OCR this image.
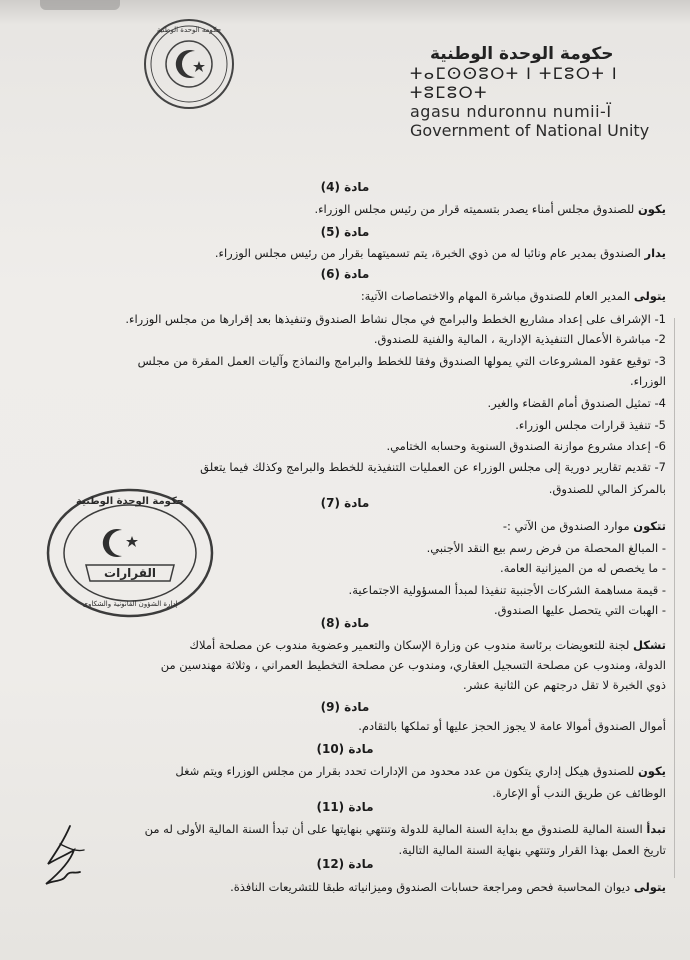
حكومة الوحدة الوطنية
حكومة الوحدة الوطنية
ⵜⴰⵎⵙⵙⵓⵔⵜ ⵏ ⵜⵎⵓⵔⵜ ⵏ ⵜⵓⵎⵓⵔⵜ
agasu nduronnu numii-Ï
Government of National Unity
مادة (4)
يكون للصندوق مجلس أمناء يصدر بتسميته قرار من رئيس مجلس الوزراء.
مادة (5)
يدار الصندوق بمدير عام ونائبا له من ذوي الخبرة، يتم تسميتهما بقرار من رئيس مجلس الوزراء.
مادة (6)
يتولى المدير العام للصندوق مباشرة المهام والاختصاصات الآتية:
1- الإشراف على إعداد مشاريع الخطط والبرامج في مجال نشاط الصندوق وتنفيذها بعد إقرارها من مجلس الوزراء.
2- مباشرة الأعمال التنفيذية الإدارية ، المالية والفنية للصندوق.
3- توقيع عقود المشروعات التي يمولها الصندوق وفقا للخطط والبرامج والنماذج وآليات العمل المقرة من مجلس
الوزراء.
4- تمثيل الصندوق أمام القضاء والغير.
5- تنفيذ قرارات مجلس الوزراء.
6- إعداد مشروع موازنة الصندوق السنوية وحسابه الختامي.
7- تقديم تقارير دورية إلى مجلس الوزراء عن العمليات التنفيذية للخطط والبرامج وكذلك فيما يتعلق
بالمركز المالي للصندوق.
مادة (7)
تتكون موارد الصندوق من الآتي :-
- المبالغ المحصلة من فرض رسم بيع النقد الأجنبي.
- ما يخصص له من الميزانية العامة.
- قيمة مساهمة الشركات الأجنبية تنفيذا لمبدأ المسؤولية الاجتماعية.
- الهبات التي يتحصل عليها الصندوق.
مادة (8)
تشكل لجنة للتعويضات برئاسة مندوب عن وزارة الإسكان والتعمير وعضوية مندوب عن مصلحة أملاك
الدولة، ومندوب عن مصلحة التسجيل العقاري، ومندوب عن مصلحة التخطيط العمراني ، وثلاثة مهندسين من
ذوي الخبرة لا تقل درجتهم عن الثانية عشر.
مادة (9)
أموال الصندوق أموالا عامة لا يجوز الحجز عليها أو تملكها بالتقادم.
مادة (10)
يكون للصندوق هيكل إداري يتكون من عدد محدود من الإدارات تحدد بقرار من مجلس الوزراء ويتم شغل
الوظائف عن طريق الندب أو الإعارة.
مادة (11)
تبدأ السنة المالية للصندوق مع بداية السنة المالية للدولة وتنتهي بنهايتها على أن تبدأ السنة المالية الأولى له من
تاريخ العمل بهذا القرار وتنتهي بنهاية السنة المالية التالية.
مادة (12)
يتولى ديوان المحاسبة فحص ومراجعة حسابات الصندوق وميزانياته طبقا للتشريعات النافذة.
القرارات
حكومة الوحدة الوطنية
إدارة الشؤون القانونية والشكاوى
